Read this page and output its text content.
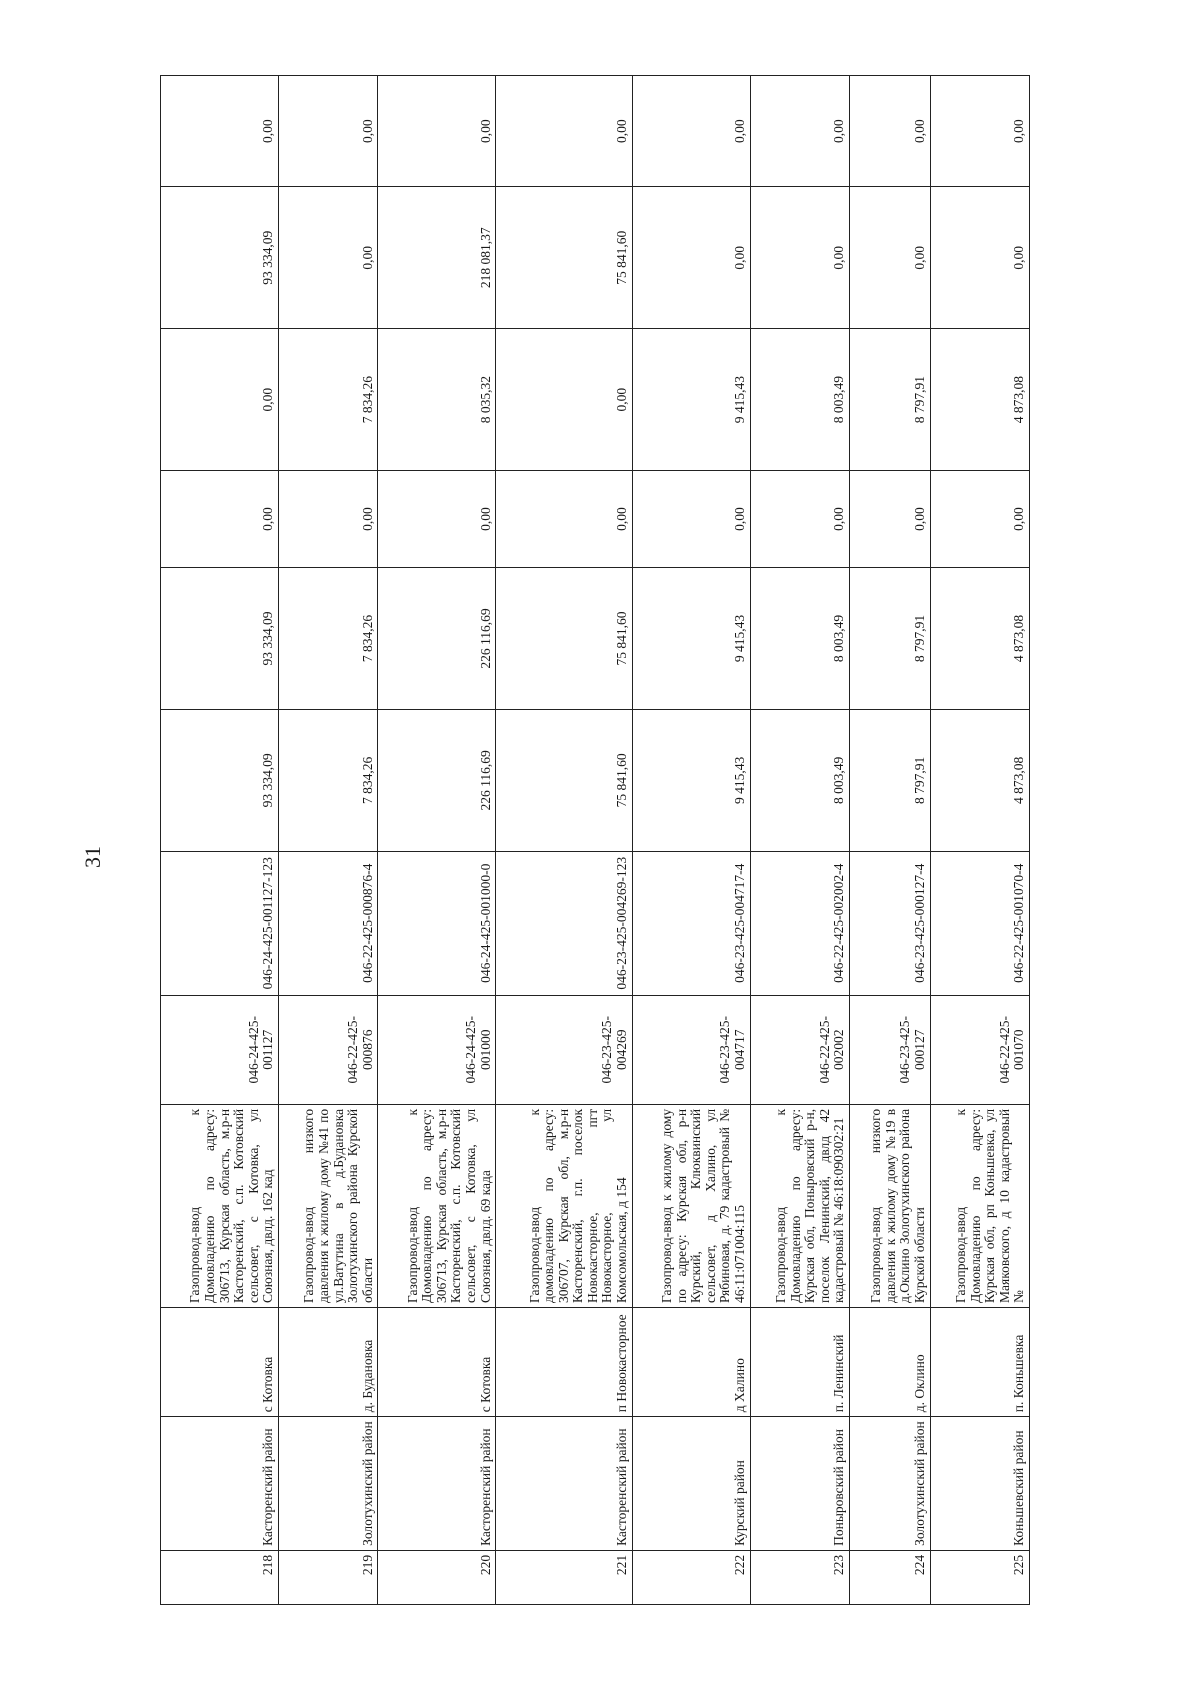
31
218	Касторенский район	с Котовка	Газопровод-ввод к Домовладению по адресу: 306713, Курская область, м.р-н Касторенский, с.п. Котовский сельсовет, с Котовка, ул Союзная, двлд. 162 кад	046-24-425-001127	046-24-425-001127-123	93 334,09	93 334,09	0,00	0,00	93 334,09	0,00
219	Золотухинский район	д. Будановка	Газопровод-ввод низкого давления к жилому дому №41 по ул.Ватутина в д.Будановка Золотухинского района Курской области	046-22-425-000876	046-22-425-000876-4	7 834,26	7 834,26	0,00	7 834,26	0,00	0,00
220	Касторенский район	с Котовка	Газопровод-ввод к Домовладению по адресу: 306713, Курская область, м.р-н Касторенский, с.п. Котовский сельсовет, с Котовка, ул Союзная, двлд. 69 када	046-24-425-001000	046-24-425-001000-0	226 116,69	226 116,69	0,00	8 035,32	218 081,37	0,00
221	Касторенский район	п Новокасторное	Газопровод-ввод к домовладению по адресу: 306707, Курская обл, м.р-н Касторенский, г.п. поселок Новокасторное, пгт Новокасторное, ул Комсомольская, д 154	046-23-425-004269	046-23-425-004269-123	75 841,60	75 841,60	0,00	0,00	75 841,60	0,00
222	Курский район	д Халино	Газопровод-ввод к жилому дому по адресу: Курская обл, р-н Курский, Клюквинский сельсовет, д Халино, ул Рябиновая, д. 79 кадастровый № 46:11:071004:115	046-23-425-004717	046-23-425-004717-4	9 415,43	9 415,43	0,00	9 415,43	0,00	0,00
223	Поныровский район	п. Ленинский	Газопровод-ввод к Домовладению по адресу: Курская обл, Поныровский р-н, поселок Ленинский, двлд 42 кадастровый № 46:18:090302:21	046-22-425-002002	046-22-425-002002-4	8 003,49	8 003,49	0,00	8 003,49	0,00	0,00
224	Золотухинский район	д. Оклино	Газопровод-ввод низкого давления к жилому дому №19 в д.Оклино Золотухинского района Курской области	046-23-425-000127	046-23-425-000127-4	8 797,91	8 797,91	0,00	8 797,91	0,00	0,00
225	Коньшевский район	п. Коньшевка	Газопровод-ввод к Домовладению по адресу: Курская обл, рп Коньшевка, ул Маяковского, д 10 кадастровый №	046-22-425-001070	046-22-425-001070-4	4 873,08	4 873,08	0,00	4 873,08	0,00	0,00
